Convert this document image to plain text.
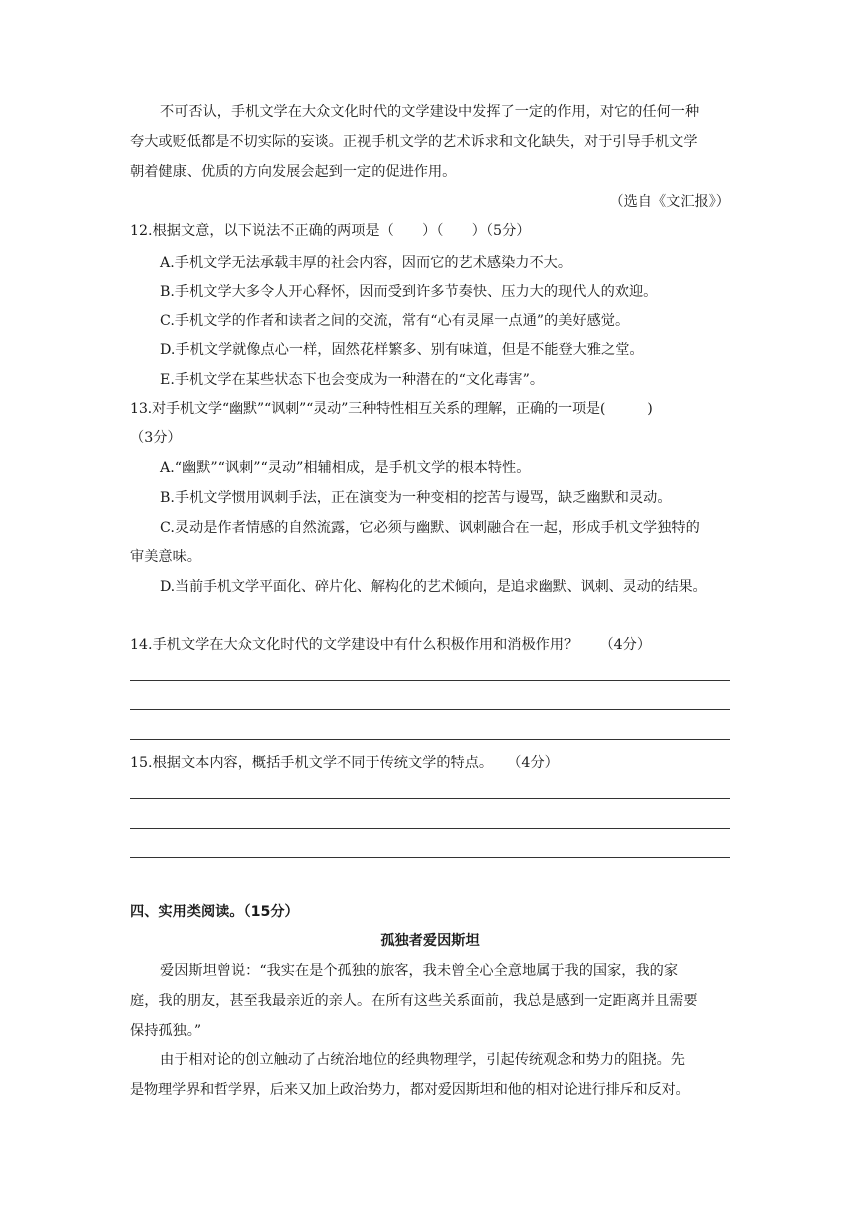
不可否认，手机文学在大众文化时代的文学建设中发挥了一定的作用，对它的任何一种
夸大或贬低都是不切实际的妄谈。正视手机文学的艺术诉求和文化缺失，对于引导手机文学
朝着健康、优质的方向发展会起到一定的促进作用。
（选自《文汇报》）
12.根据文意，以下说法不正确的两项是（　　）（　　）（5分）
A.手机文学无法承载丰厚的社会内容，因而它的艺术感染力不大。
B.手机文学大多令人开心释怀，因而受到许多节奏快、压力大的现代人的欢迎。
C.手机文学的作者和读者之间的交流，常有“心有灵犀一点通”的美好感觉。
D.手机文学就像点心一样，固然花样繁多、别有味道，但是不能登大雅之堂。
E.手机文学在某些状态下也会变成为一种潜在的“文化毒害”。
13.对手机文学“幽默”“讽刺”“灵动”三种特性相互关系的理解，正确的一项是(　　　)
（3分）
A.“幽默”“讽刺”“灵动”相辅相成，是手机文学的根本特性。
B.手机文学惯用讽刺手法，正在演变为一种变相的挖苦与谩骂，缺乏幽默和灵动。
C.灵动是作者情感的自然流露，它必须与幽默、讽刺融合在一起，形成手机文学独特的
审美意味。
D.当前手机文学平面化、碎片化、解构化的艺术倾向，是追求幽默、讽刺、灵动的结果。
14.手机文学在大众文化时代的文学建设中有什么积极作用和消极作用？　　（4分）
15.根据文本内容，概括手机文学不同于传统文学的特点。　　（4分）
四、实用类阅读。（15分）
孤独者爱因斯坦
爱因斯坦曾说：“我实在是个孤独的旅客，我未曾全心全意地属于我的国家，我的家
庭，我的朋友，甚至我最亲近的亲人。在所有这些关系面前，我总是感到一定距离并且需要
保持孤独。”
由于相对论的创立触动了占统治地位的经典物理学，引起传统观念和势力的阻挠。先
是物理学界和哲学界，后来又加上政治势力，都对爱因斯坦和他的相对论进行排斥和反对。
